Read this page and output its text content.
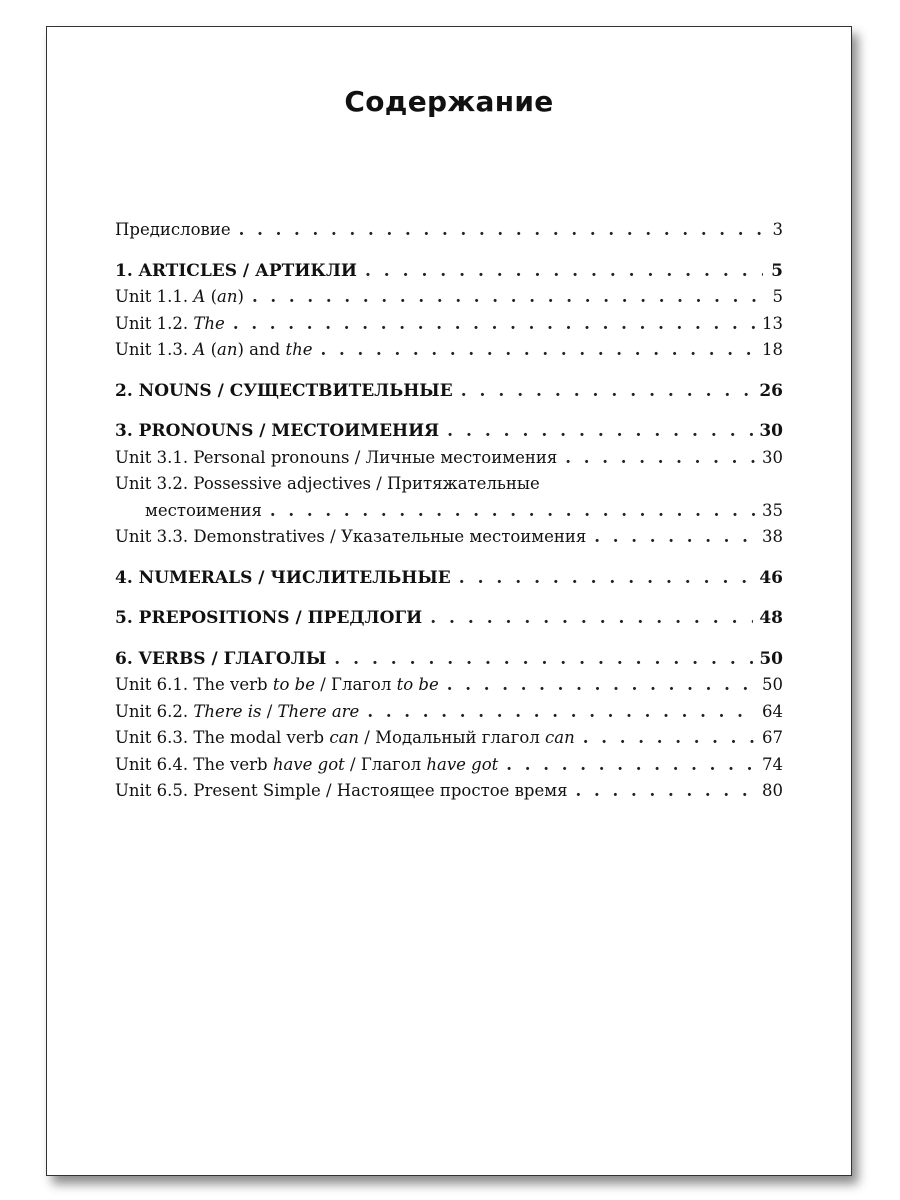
Содержание
Предисловие . . .	3
1. ARTICLES / АРТИКЛИ . . .	5
Unit 1.1. A (an) . . .	5
Unit 1.2. The . . .	13
Unit 1.3. A (an) and the . . .	18
2. NOUNS / СУЩЕСТВИТЕЛЬНЫЕ . . .	26
3. PRONOUNS / МЕСТОИМЕНИЯ . . .	30
Unit 3.1. Personal pronouns / Личные местоимения . . .	30
Unit 3.2. Possessive adjectives / Притяжательные
местоимения . . .	35
Unit 3.3. Demonstratives / Указательные местоимения . . .	38
4. NUMERALS / ЧИСЛИТЕЛЬНЫЕ . . .	46
5. PREPOSITIONS / ПРЕДЛОГИ . . .	48
6. VERBS / ГЛАГОЛЫ . . .	50
Unit 6.1. The verb to be / Глагол to be . . .	50
Unit 6.2. There is / There are . . .	64
Unit 6.3. The modal verb can / Модальный глагол can . . .	67
Unit 6.4. The verb have got / Глагол have got . . .	74
Unit 6.5. Present Simple / Настоящее простое время . . .	80
